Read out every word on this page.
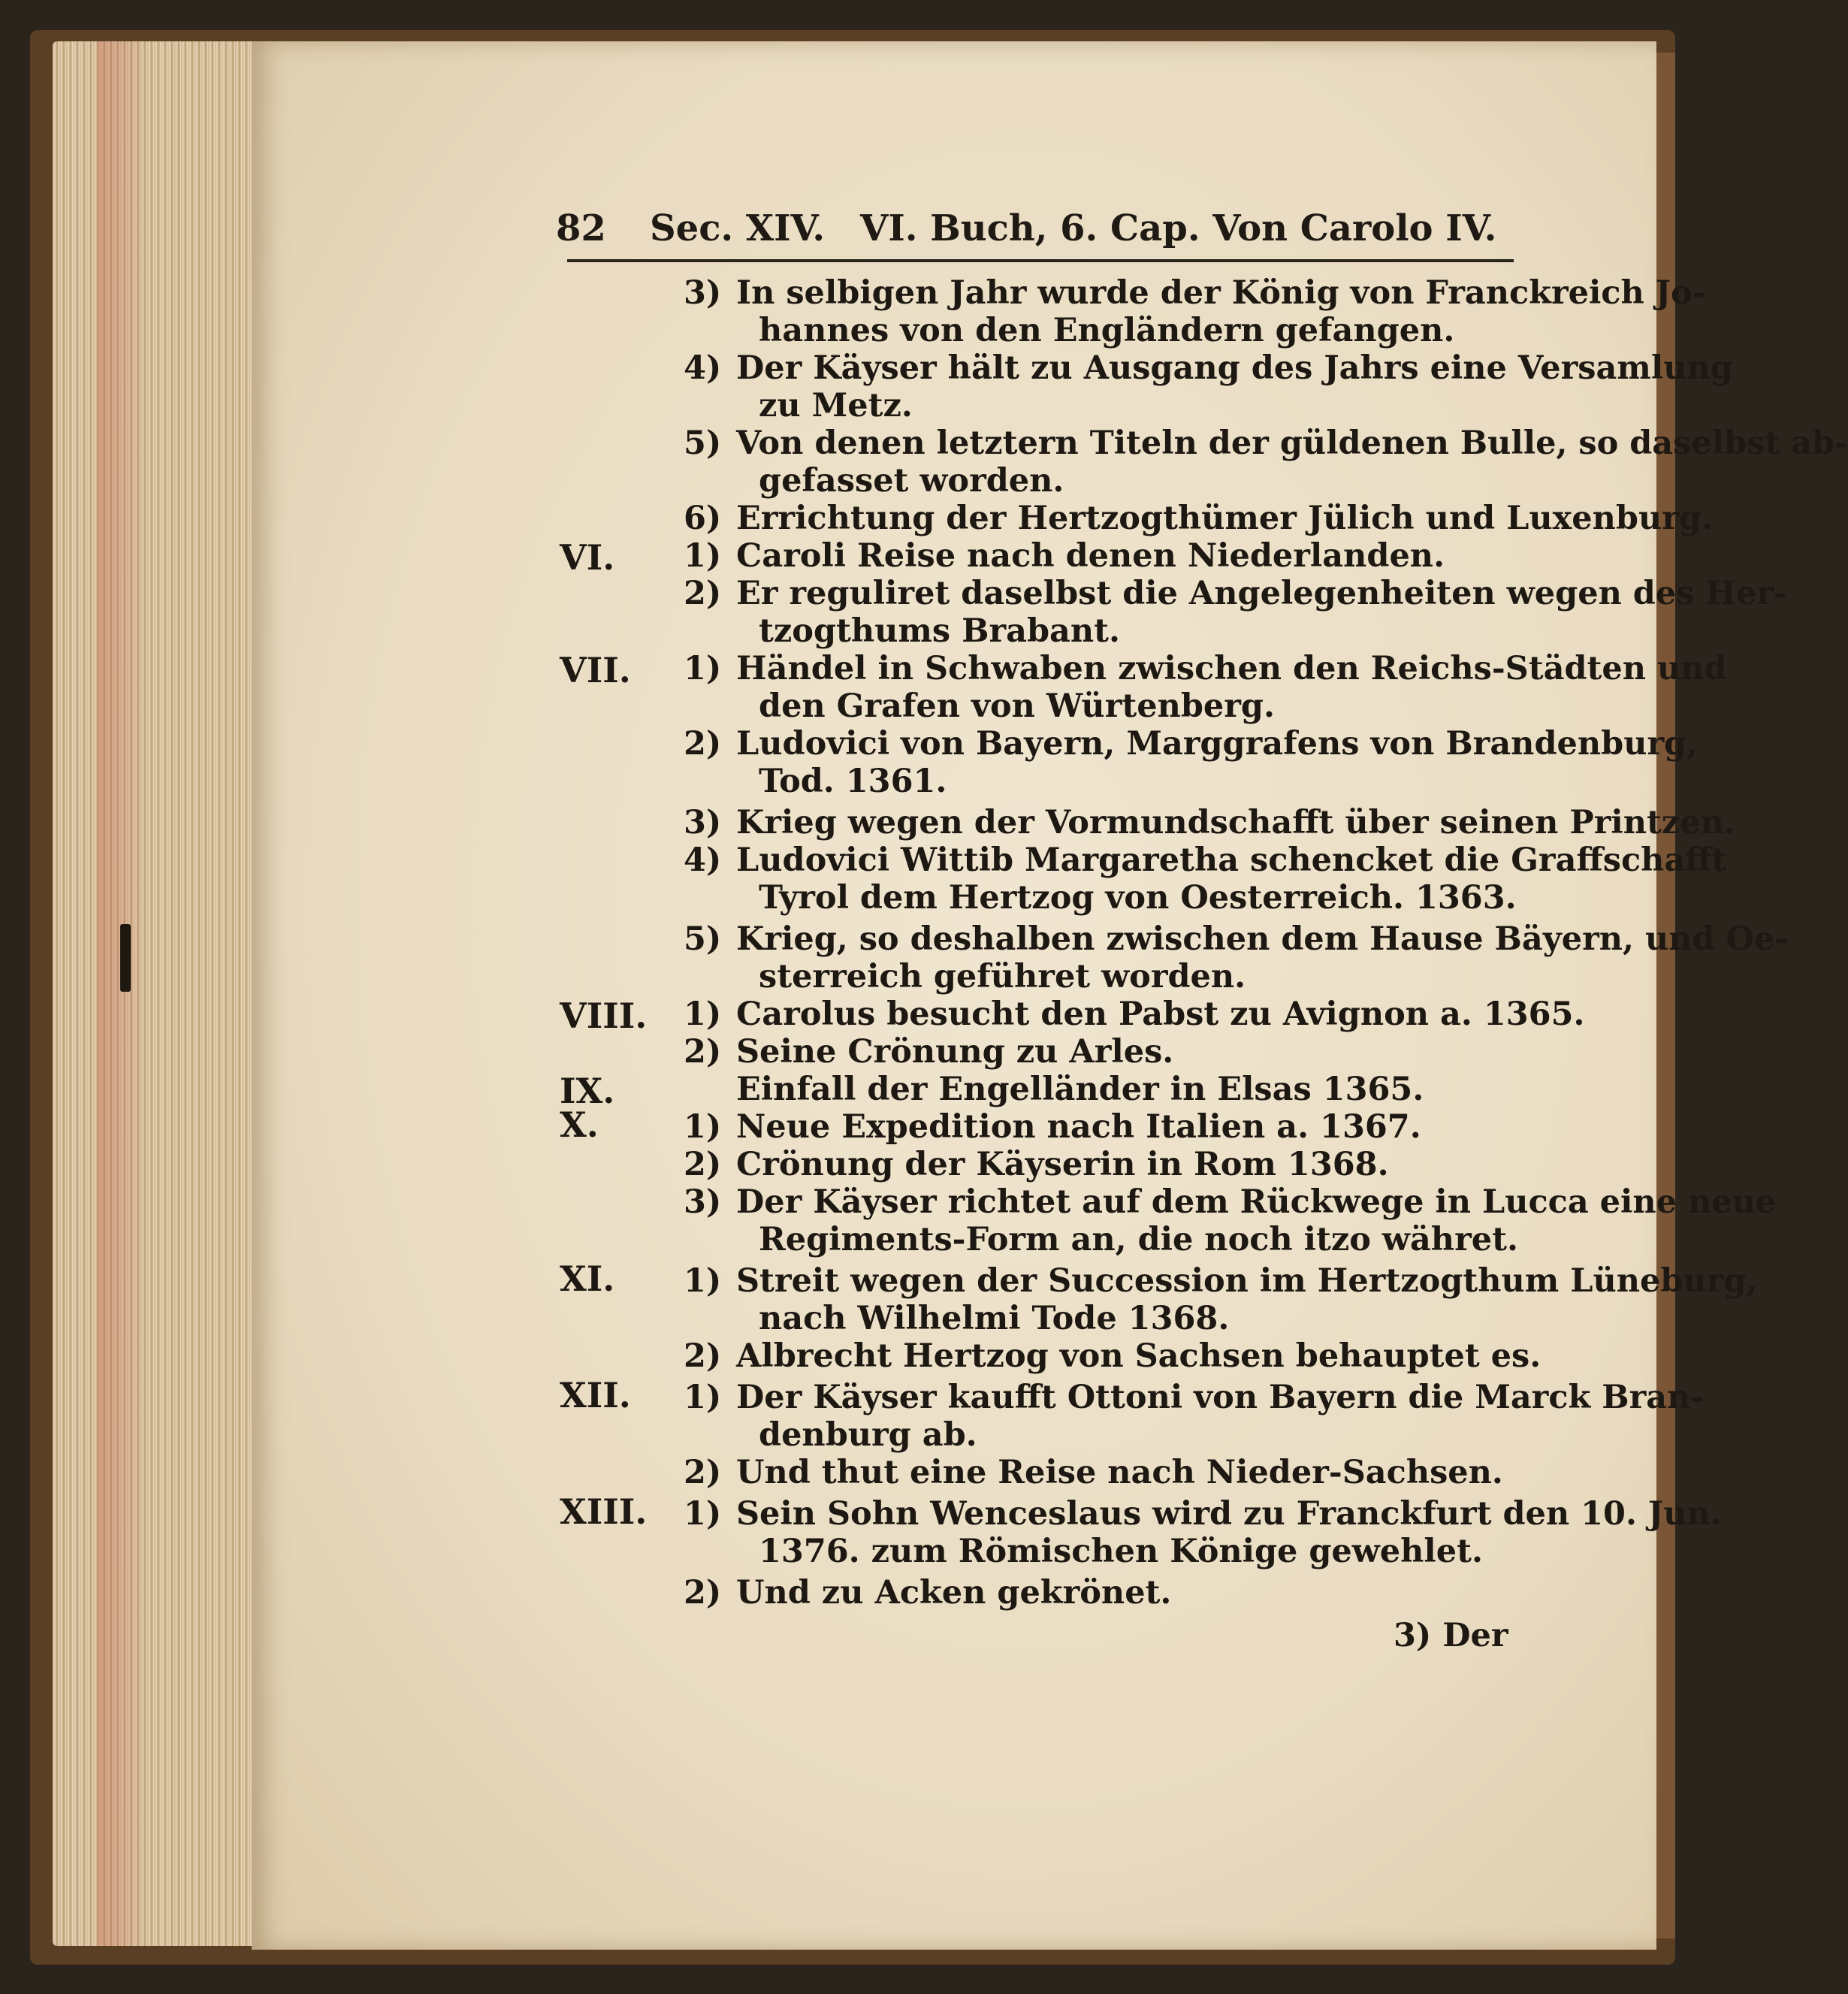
82 Sec. XIV. VI. Buch, 6. Cap. Von Carolo IV.
VI.
VII.
VIII.
IX.
X.
XI.
XII.
XIII.
3) In selbigen Jahr wurde der König von Franckreich Jo-
hannes von den Engländern gefangen.
4) Der Käyser hält zu Ausgang des Jahrs eine Versamlung
zu Metz.
5) Von denen letztern Titeln der güldenen Bulle, so daselbst ab-
gefasset worden.
6) Errichtung der Hertzogthümer Jülich und Luxenburg.
1) Caroli Reise nach denen Niederlanden.
2) Er reguliret daselbst die Angelegenheiten wegen des Her-
tzogthums Brabant.
1) Händel in Schwaben zwischen den Reichs-Städten und
den Grafen von Würtenberg.
2) Ludovici von Bayern, Marggrafens von Brandenburg,
Tod. 1361.
3) Krieg wegen der Vormundschafft über seinen Printzen.
4) Ludovici Wittib Margaretha schencket die Graffschafft
Tyrol dem Hertzog von Oesterreich. 1363.
5) Krieg, so deshalben zwischen dem Hause Bäyern, und Oe-
sterreich geführet worden.
1) Carolus besucht den Pabst zu Avignon a. 1365.
2) Seine Crönung zu Arles.
Einfall der Engelländer in Elsas 1365.
1) Neue Expedition nach Italien a. 1367.
2) Crönung der Käyserin in Rom 1368.
3) Der Käyser richtet auf dem Rückwege in Lucca eine neue
Regiments-Form an, die noch itzo währet.
1) Streit wegen der Succession im Hertzogthum Lüneburg,
nach Wilhelmi Tode 1368.
2) Albrecht Hertzog von Sachsen behauptet es.
1) Der Käyser kaufft Ottoni von Bayern die Marck Bran-
denburg ab.
2) Und thut eine Reise nach Nieder-Sachsen.
1) Sein Sohn Wenceslaus wird zu Franckfurt den 10. Jun.
1376. zum Römischen Könige gewehlet.
2) Und zu Acken gekrönet.
3) Der
